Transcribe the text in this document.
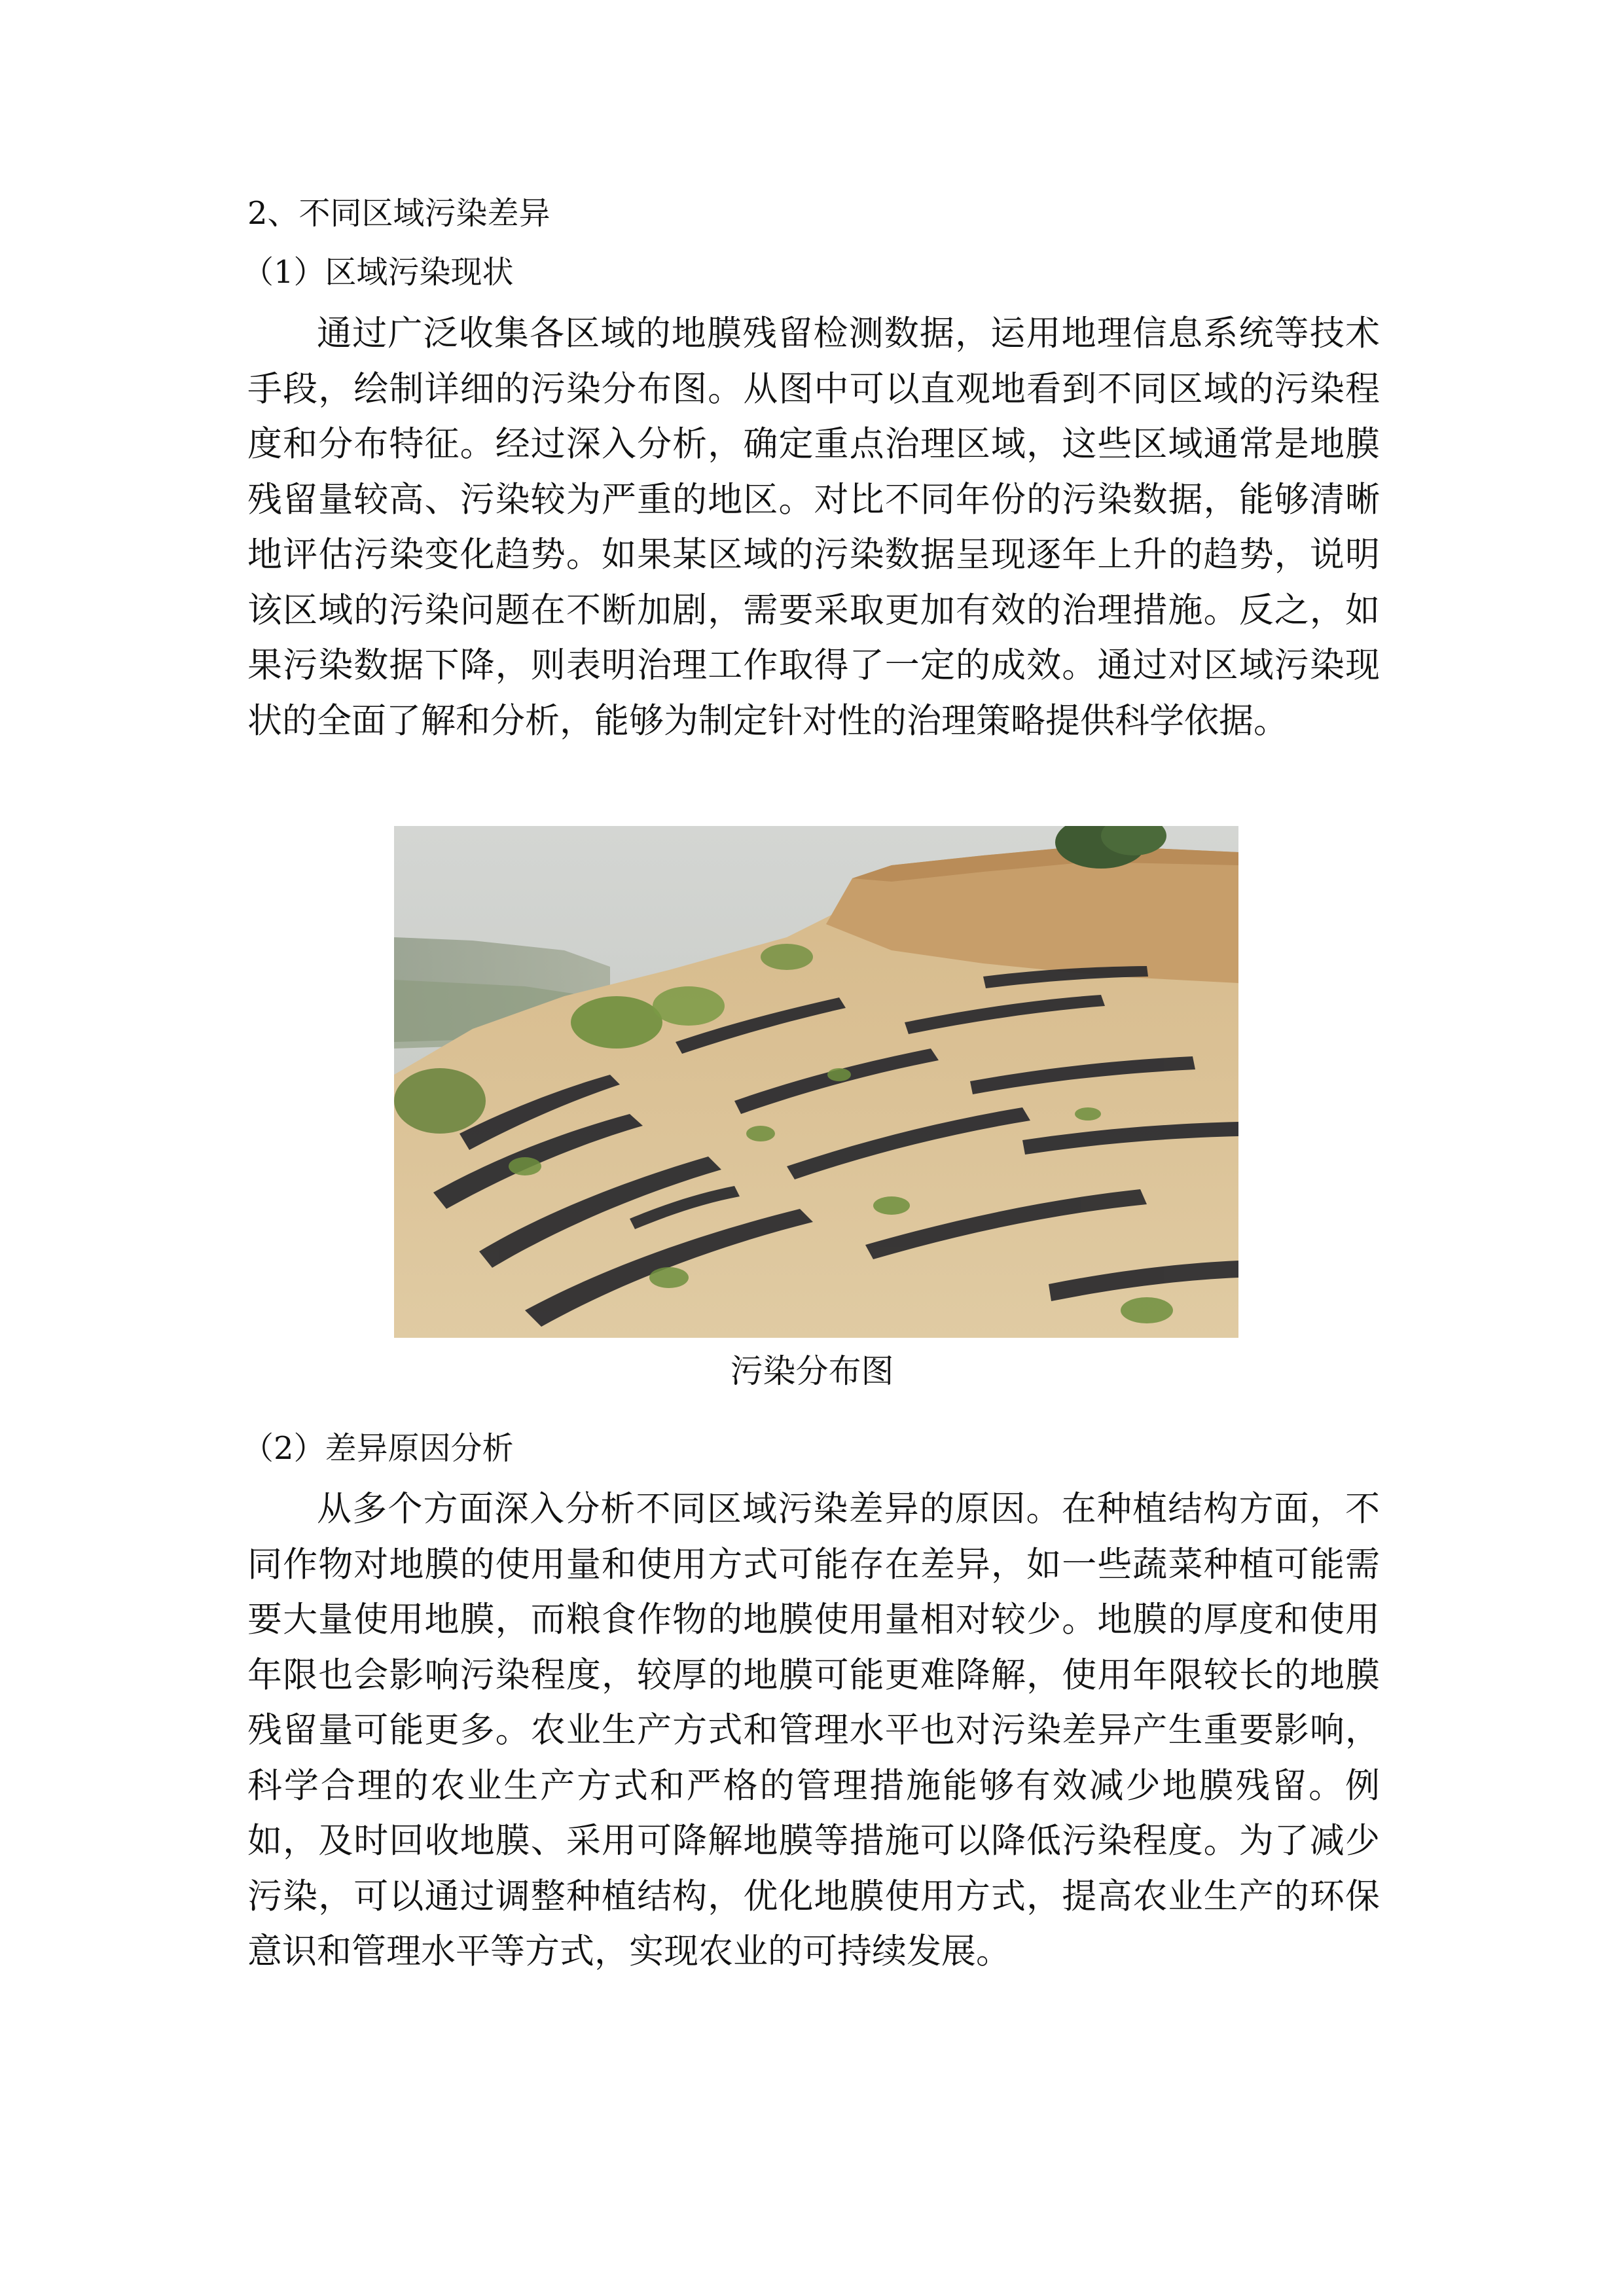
2、不同区域污染差异
（1）区域污染现状

通过广泛收集各区域的地膜残留检测数据，运用地理信息系统等技术手段，绘制详细的污染分布图。从图中可以直观地看到不同区域的污染程度和分布特征。经过深入分析，确定重点治理区域，这些区域通常是地膜残留量较高、污染较为严重的地区。对比不同年份的污染数据，能够清晰地评估污染变化趋势。如果某区域的污染数据呈现逐年上升的趋势，说明该区域的污染问题在不断加剧，需要采取更加有效的治理措施。反之，如果污染数据下降，则表明治理工作取得了一定的成效。通过对区域污染现状的全面了解和分析，能够为制定针对性的治理策略提供科学依据。

污染分布图
（2）差异原因分析

从多个方面深入分析不同区域污染差异的原因。在种植结构方面，不同作物对地膜的使用量和使用方式可能存在差异，如一些蔬菜种植可能需要大量使用地膜，而粮食作物的地膜使用量相对较少。地膜的厚度和使用年限也会影响污染程度，较厚的地膜可能更难降解，使用年限较长的地膜残留量可能更多。农业生产方式和管理水平也对污染差异产生重要影响，科学合理的农业生产方式和严格的管理措施能够有效减少地膜残留。例如，及时回收地膜、采用可降解地膜等措施可以降低污染程度。为了减少污染，可以通过调整种植结构，优化地膜使用方式，提高农业生产的环保意识和管理水平等方式，实现农业的可持续发展。
